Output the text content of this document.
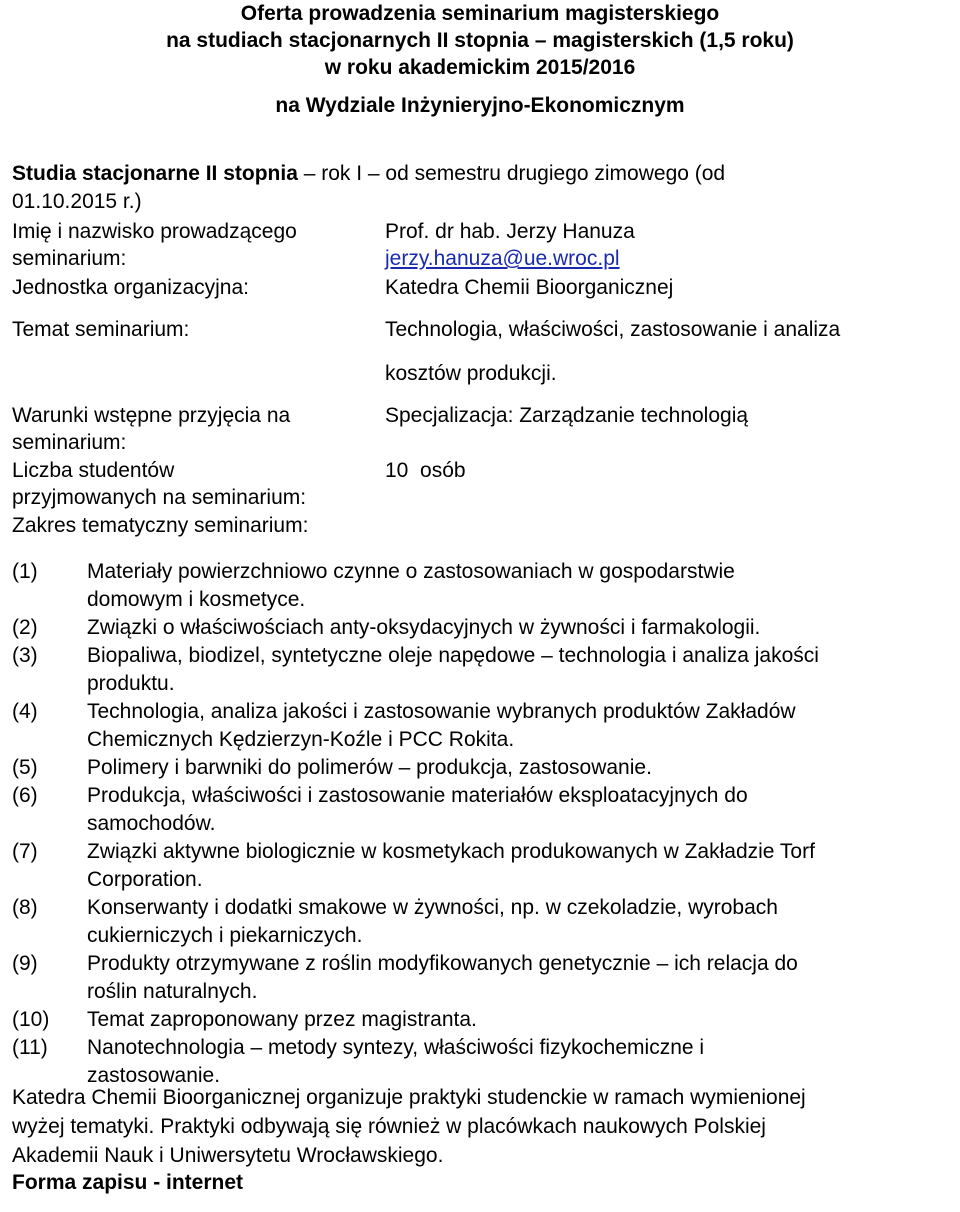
Oferta prowadzenia seminarium magisterskiego
na studiach stacjonarnych II stopnia – magisterskich (1,5 roku)
w roku akademickim 2015/2016
na Wydziale Inżynieryjno-Ekonomicznym
Studia stacjonarne II stopnia – rok I – od semestru drugiego zimowego (od
01.10.2015 r.)
Imię i nazwisko prowadzącego
seminarium:
Jednostka organizacyjna:
Temat seminarium:
Warunki wstępne przyjęcia na
seminarium:
Liczba studentów
przyjmowanych na seminarium:
Zakres tematyczny seminarium:
Prof. dr hab. Jerzy Hanuza
jerzy.hanuza@ue.wroc.pl
Katedra Chemii Bioorganicznej
Technologia, właściwości, zastosowanie i analiza
kosztów produkcji.
Specjalizacja: Zarządzanie technologią
10  osób
(1) Materiały powierzchniowo czynne o zastosowaniach w gospodarstwie
domowym i kosmetyce.
(2) Związki o właściwościach anty-oksydacyjnych w żywności i farmakologii.
(3) Biopaliwa, biodizel, syntetyczne oleje napędowe – technologia i analiza jakości
produktu.
(4) Technologia, analiza jakości i zastosowanie wybranych produktów Zakładów
Chemicznych Kędzierzyn-Koźle i PCC Rokita.
(5) Polimery i barwniki do polimerów – produkcja, zastosowanie.
(6) Produkcja, właściwości i zastosowanie materiałów eksploatacyjnych do
samochodów.
(7) Związki aktywne biologicznie w kosmetykach produkowanych w Zakładzie Torf
Corporation.
(8) Konserwanty i dodatki smakowe w żywności, np. w czekoladzie, wyrobach
cukierniczych i piekarniczych.
(9) Produkty otrzymywane z roślin modyfikowanych genetycznie – ich relacja do
roślin naturalnych.
(10) Temat zaproponowany przez magistranta.
(11) Nanotechnologia – metody syntezy, właściwości fizykochemiczne i
zastosowanie.
Katedra Chemii Bioorganicznej organizuje praktyki studenckie w ramach wymienionej
wyżej tematyki. Praktyki odbywają się również w placówkach naukowych Polskiej
Akademii Nauk i Uniwersytetu Wrocławskiego.
Forma zapisu - internet
